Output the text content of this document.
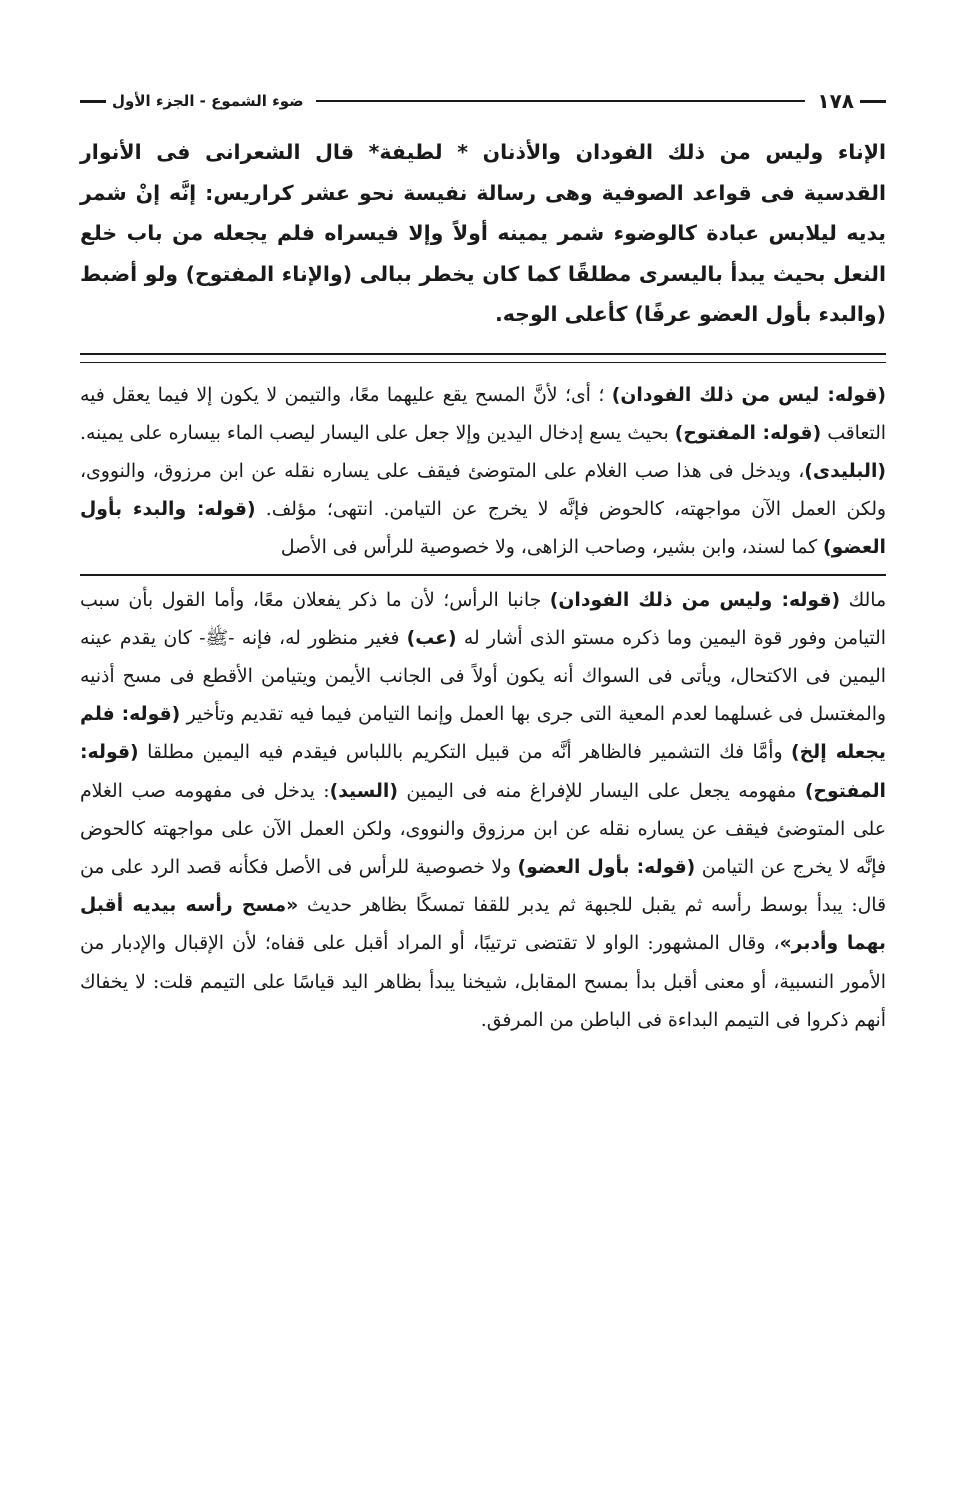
١٧٨
ضوء الشموع - الجزء الأول
الإناء وليس من ذلك الفودان والأذنان * لطيفة* قال الشعرانى فى الأنوار القدسية فى قواعد الصوفية وهى رسالة نفيسة نحو عشر كراريس: إنَّه إنْ شمر يديه ليلابس عبادة كالوضوء شمر يمينه أولاً وإلا فيسراه فلم يجعله من باب خلع النعل بحيث يبدأ باليسرى مطلقًا كما كان يخطر ببالى (والإناء المفتوح) ولو أضبط (والبدء بأول العضو عرفًا) كأعلى الوجه.
(قوله: ليس من ذلك الفودان) ؛ أى؛ لأنَّ المسح يقع عليهما معًا، والتيمن لا يكون إلا فيما يعقل فيه التعاقب (قوله: المفتوح) بحيث يسع إدخال اليدين وإلا جعل على اليسار ليصب الماء بيساره على يمينه. (البليدى)، ويدخل فى هذا صب الغلام على المتوضئ فيقف على يساره نقله عن ابن مرزوق، والنووى، ولكن العمل الآن مواجهته، كالحوض فإنَّه لا يخرج عن التيامن. انتهى؛ مؤلف. (قوله: والبدء بأول العضو) كما لسند، وابن بشير، وصاحب الزاهى، ولا خصوصية للرأس فى الأصل
مالك (قوله: وليس من ذلك الفودان) جانبا الرأس؛ لأن ما ذكر يفعلان معًا، وأما القول بأن سبب التيامن وفور قوة اليمين وما ذكره مستو الذى أشار له (عب) فغير منظور له، فإنه -ﷺ- كان يقدم عينه اليمين فى الاكتحال، ويأتى فى السواك أنه يكون أولاً فى الجانب الأيمن ويتيامن الأقطع فى مسح أذنيه والمغتسل فى غسلهما لعدم المعية التى جرى بها العمل وإنما التيامن فيما فيه تقديم وتأخير (قوله: فلم يجعله إلخ) وأمَّا فك التشمير فالظاهر أنَّه من قبيل التكريم باللباس فيقدم فيه اليمين مطلقا (قوله: المفتوح) مفهومه يجعل على اليسار للإفراغ منه فى اليمين (السيد): يدخل فى مفهومه صب الغلام على المتوضئ فيقف عن يساره نقله عن ابن مرزوق والنووى، ولكن العمل الآن على مواجهته كالحوض فإنَّه لا يخرج عن التيامن (قوله: بأول العضو) ولا خصوصية للرأس فى الأصل فكأنه قصد الرد على من قال: يبدأ بوسط رأسه ثم يقبل للجبهة ثم يدبر للقفا تمسكًا بظاهر حديث «مسح رأسه بيديه أقبل بهما وأدبر»، وقال المشهور: الواو لا تقتضى ترتيبًا، أو المراد أقبل على قفاه؛ لأن الإقبال والإدبار من الأمور النسبية، أو معنى أقبل بدأ بمسح المقابل، شيخنا يبدأ بظاهر اليد قياسًا على التيمم قلت: لا يخفاك أنهم ذكروا فى التيمم البداءة فى الباطن من المرفق.
